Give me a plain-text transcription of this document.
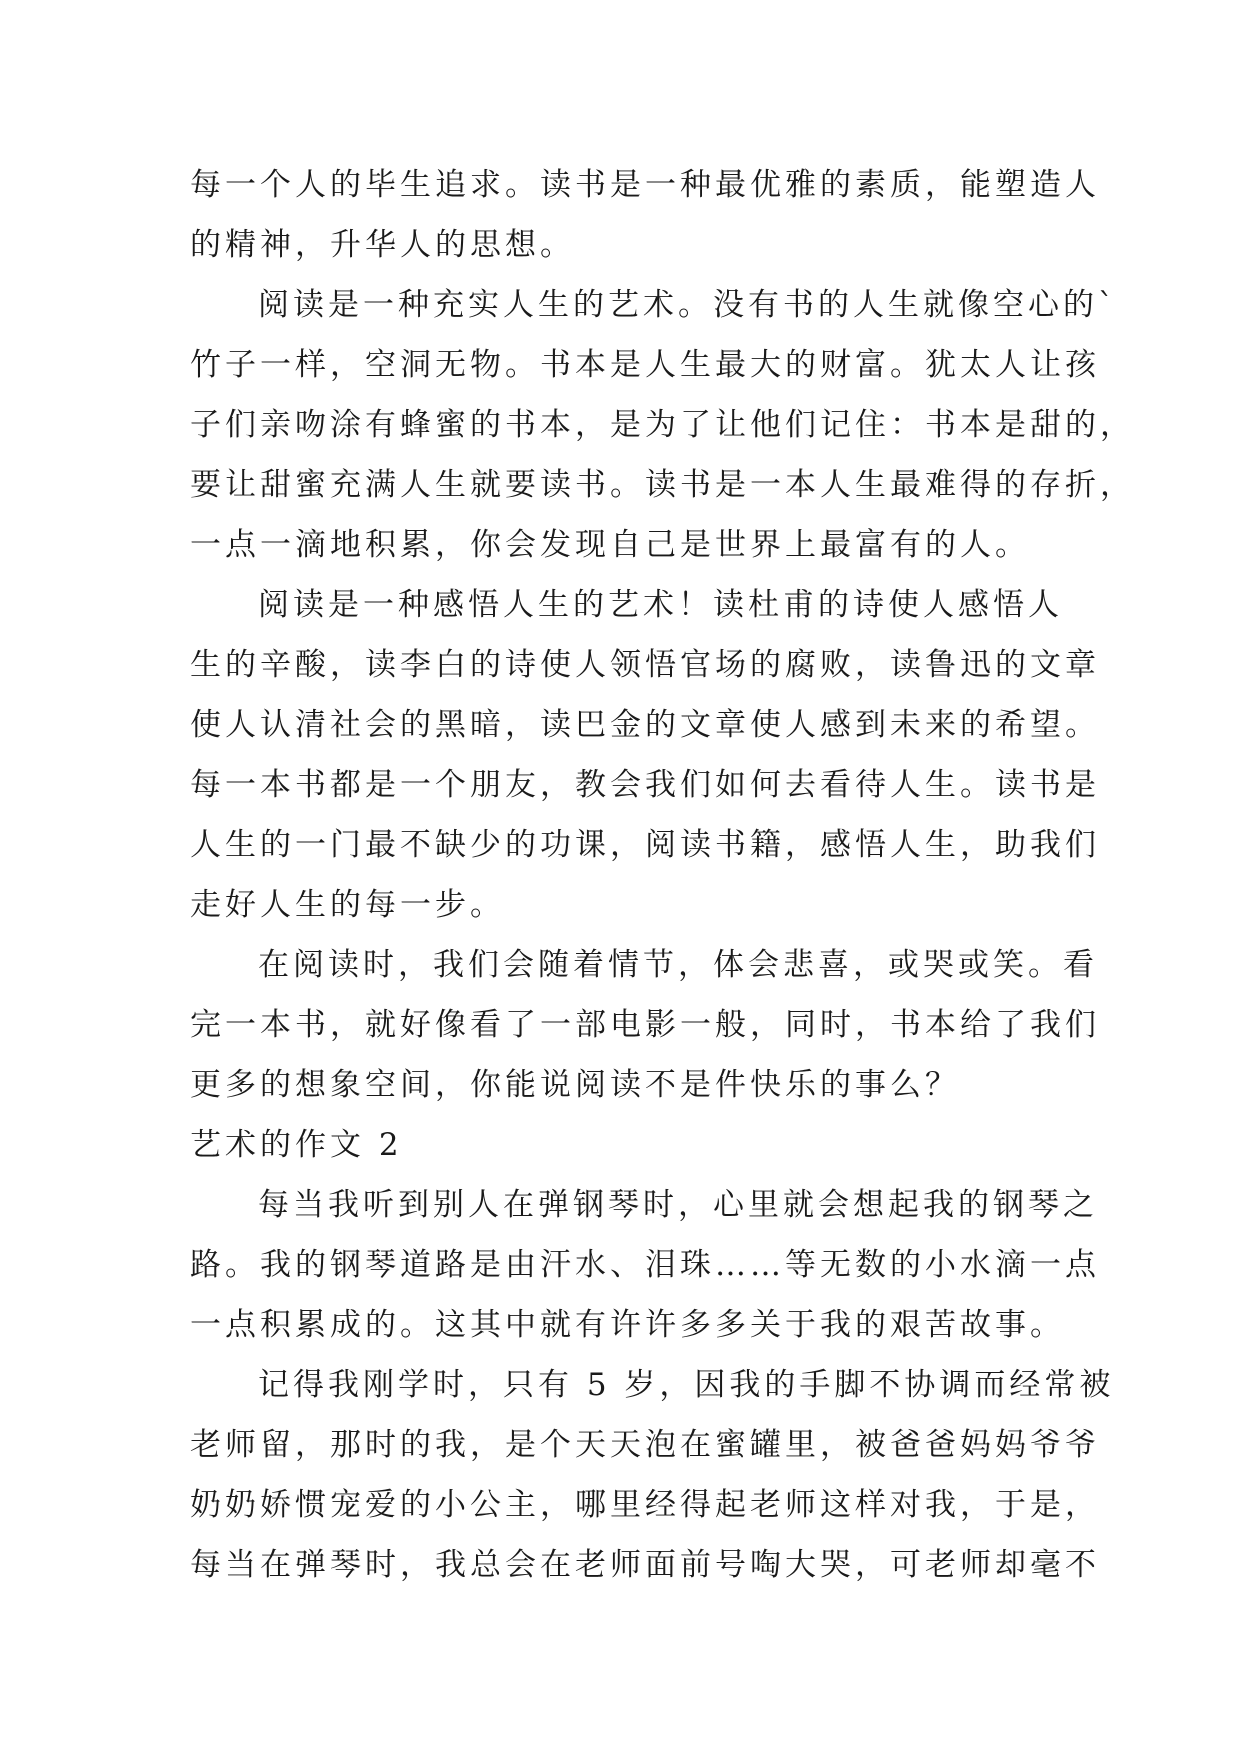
每一个人的毕生追求。读书是一种最优雅的素质，能塑造人
的精神，升华人的思想。
阅读是一种充实人生的艺术。没有书的人生就像空心的`
竹子一样，空洞无物。书本是人生最大的财富。犹太人让孩
子们亲吻涂有蜂蜜的书本，是为了让他们记住：书本是甜的，
要让甜蜜充满人生就要读书。读书是一本人生最难得的存折，
一点一滴地积累，你会发现自己是世界上最富有的人。
阅读是一种感悟人生的艺术！读杜甫的诗使人感悟人
生的辛酸，读李白的诗使人领悟官场的腐败，读鲁迅的文章
使人认清社会的黑暗，读巴金的文章使人感到未来的希望。
每一本书都是一个朋友，教会我们如何去看待人生。读书是
人生的一门最不缺少的功课，阅读书籍，感悟人生，助我们
走好人生的每一步。
在阅读时，我们会随着情节，体会悲喜，或哭或笑。看
完一本书，就好像看了一部电影一般，同时，书本给了我们
更多的想象空间，你能说阅读不是件快乐的事么？
艺术的作文 2
每当我听到别人在弹钢琴时，心里就会想起我的钢琴之
路。我的钢琴道路是由汗水、泪珠……等无数的小水滴一点
一点积累成的。这其中就有许许多多关于我的艰苦故事。
记得我刚学时，只有 5 岁，因我的手脚不协调而经常被
老师留，那时的我，是个天天泡在蜜罐里，被爸爸妈妈爷爷
奶奶娇惯宠爱的小公主，哪里经得起老师这样对我，于是，
每当在弹琴时，我总会在老师面前号啕大哭，可老师却毫不
